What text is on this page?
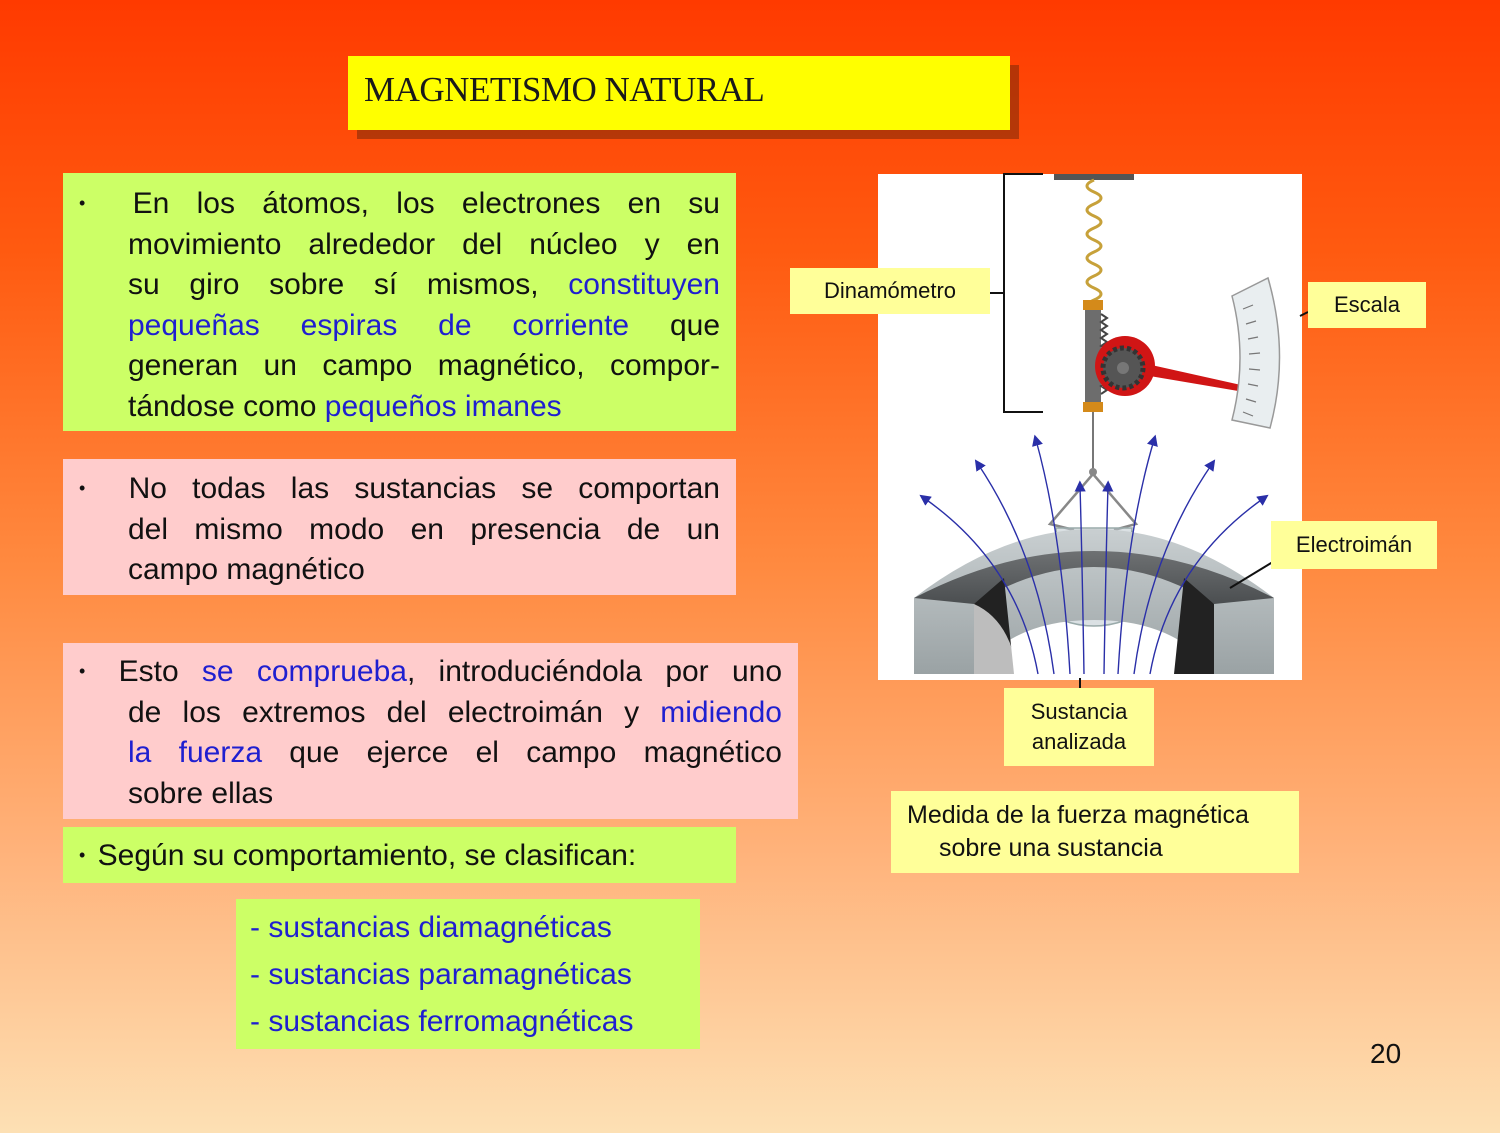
MAGNETISMO NATURAL
• En los átomos, los electrones en su
movimiento alrededor del núcleo y en
su giro sobre sí mismos, constituyen
pequeñas espiras de corriente que
generan un campo magnético, compor-
tándose como pequeños imanes
• No todas las sustancias se comportan
del mismo modo en presencia de un
campo magnético
• Esto se comprueba, introduciéndola por uno
de los extremos del electroimán y midiendo
la fuerza que ejerce el campo magnético
sobre ellas
• Según su comportamiento, se clasifican:
- sustancias diamagnéticas
- sustancias paramagnéticas
- sustancias ferromagnéticas
Dinamómetro
Escala
Electroimán
Sustancia
analizada
Medida de la fuerza magnética
sobre una sustancia
20
